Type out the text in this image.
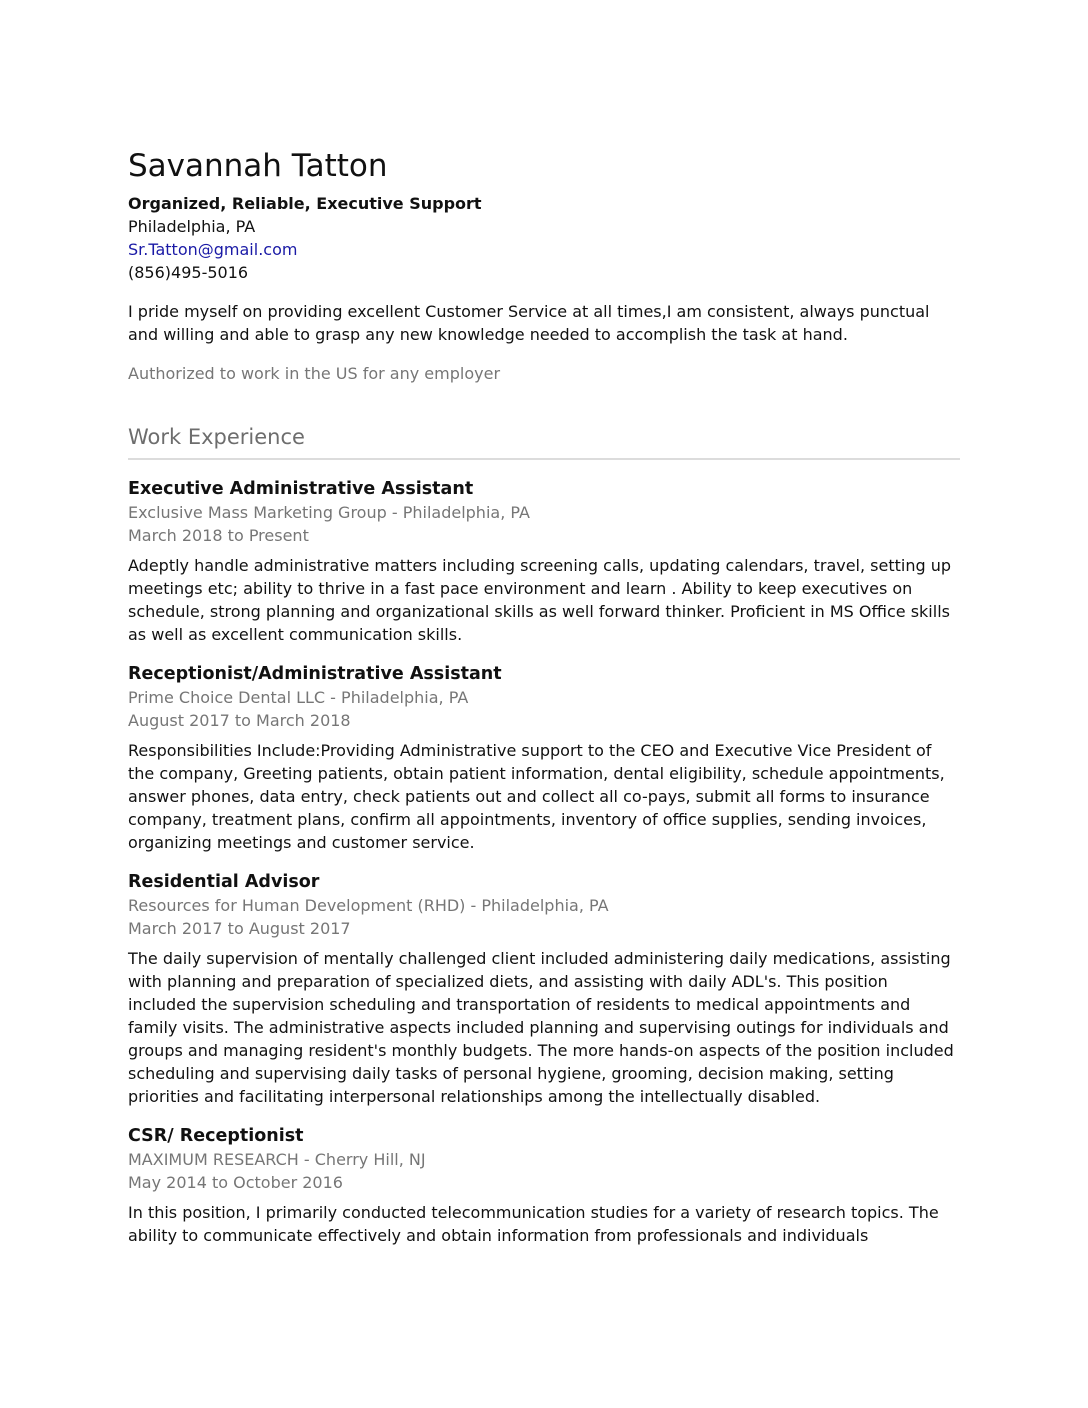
Savannah Tatton
Organized, Reliable, Executive Support
Philadelphia, PA
Sr.Tatton@gmail.com
(856)495-5016
I pride myself on providing excellent Customer Service at all times,I am consistent, always punctual and willing and able to grasp any new knowledge needed to accomplish the task at hand.
Authorized to work in the US for any employer
Work Experience
Executive Administrative Assistant
Exclusive Mass Marketing Group - Philadelphia, PA
March 2018 to Present
Adeptly handle administrative matters including screening calls, updating calendars, travel, setting up meetings etc; ability to thrive in a fast pace environment and learn . Ability to keep executives on schedule, strong planning and organizational skills as well forward thinker. Proficient in MS Office skills as well as excellent communication skills.
Receptionist/Administrative Assistant
Prime Choice Dental LLC - Philadelphia, PA
August 2017 to March 2018
Responsibilities Include:Providing Administrative support to the CEO and Executive Vice President of the company, Greeting patients, obtain patient information, dental eligibility, schedule appointments, answer phones, data entry, check patients out and collect all co-pays, submit all forms to insurance company, treatment plans, confirm all appointments, inventory of office supplies, sending invoices, organizing meetings and customer service.
Residential Advisor
Resources for Human Development (RHD) - Philadelphia, PA
March 2017 to August 2017
The daily supervision of mentally challenged client included administering daily medications, assisting with planning and preparation of specialized diets, and assisting with daily ADL's. This position included the supervision scheduling and transportation of residents to medical appointments and family visits. The administrative aspects included planning and supervising outings for individuals and groups and managing resident's monthly budgets. The more hands-on aspects of the position included scheduling and supervising daily tasks of personal hygiene, grooming, decision making, setting priorities and facilitating interpersonal relationships among the intellectually disabled.
CSR/ Receptionist
MAXIMUM RESEARCH - Cherry Hill, NJ
May 2014 to October 2016
In this position, I primarily conducted telecommunication studies for a variety of research topics. The ability to communicate effectively and obtain information from professionals and individuals
